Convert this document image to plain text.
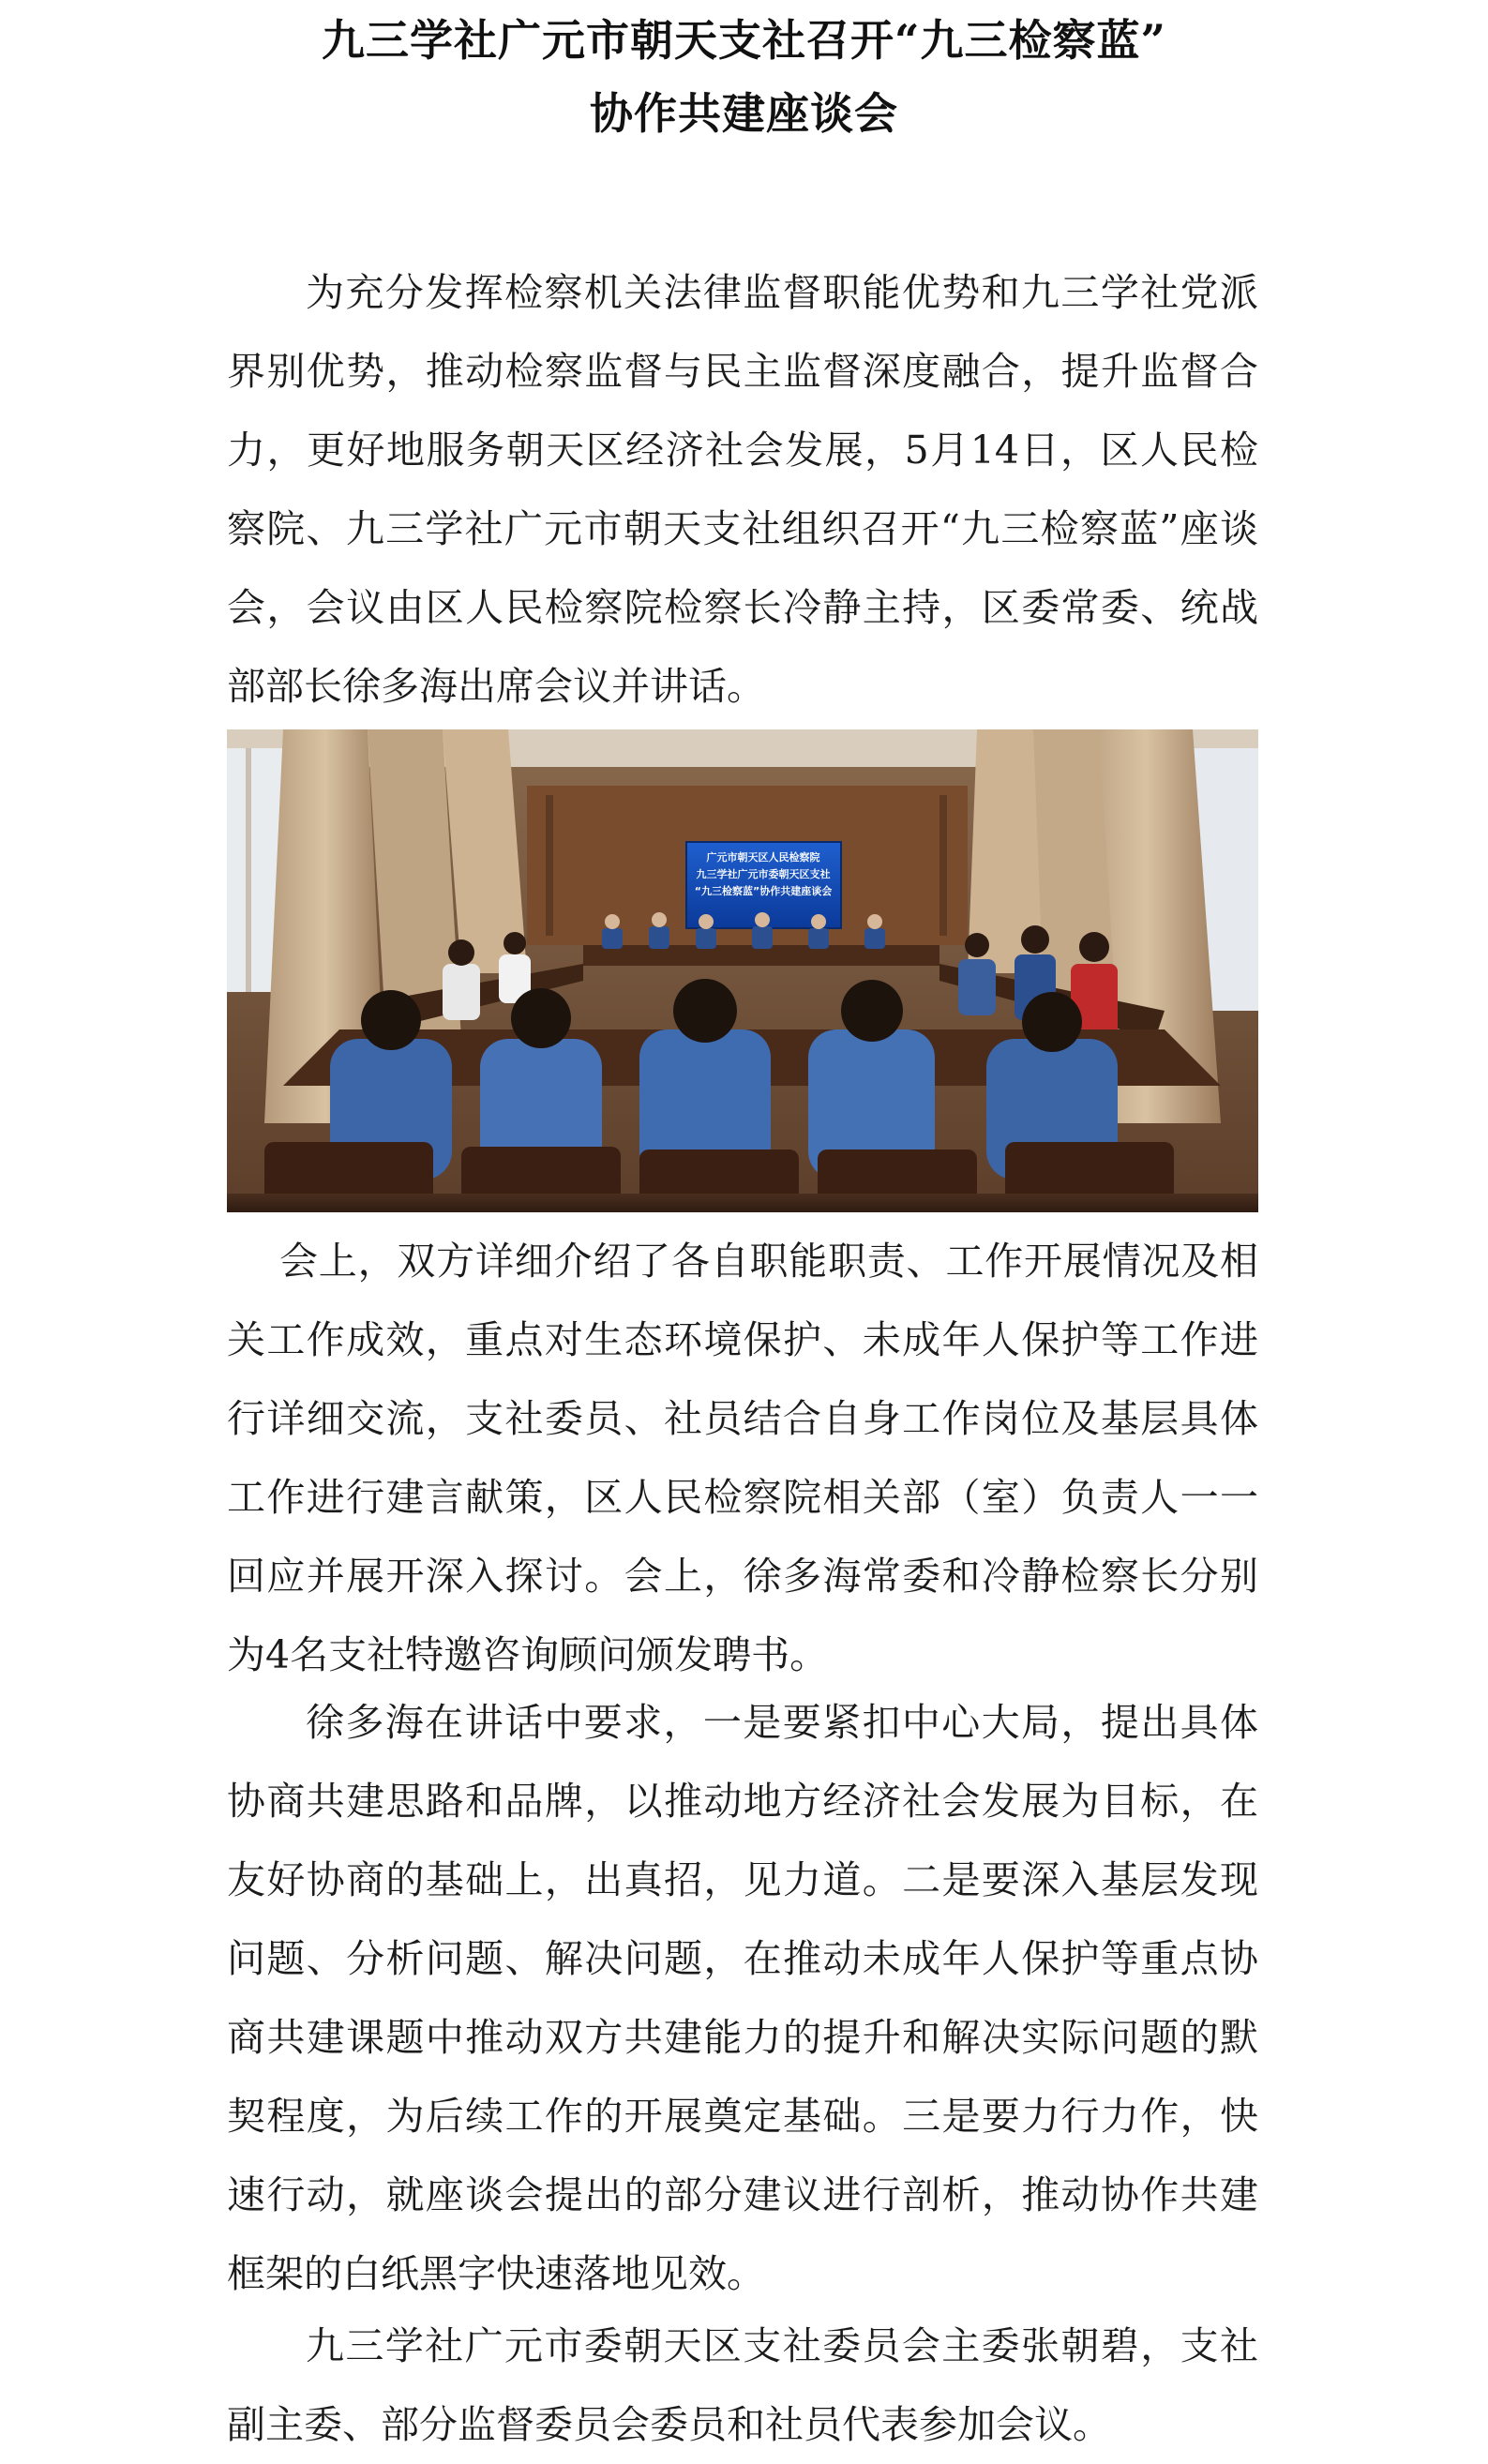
九三学社广元市朝天支社召开“九三检察蓝”
协作共建座谈会

为充分发挥检察机关法律监督职能优势和九三学社党派界别优势，推动检察监督与民主监督深度融合，提升监督合力，更好地服务朝天区经济社会发展，5月14日，区人民检察院、九三学社广元市朝天支社组织召开“九三检察蓝”座谈会，会议由区人民检察院检察长冷静主持，区委常委、统战部部长徐多海出席会议并讲话。

广元市朝天区人民检察院
九三学社广元市委朝天区支社
“九三检察蓝”协作共建座谈会

会上，双方详细介绍了各自职能职责、工作开展情况及相关工作成效，重点对生态环境保护、未成年人保护等工作进行详细交流，支社委员、社员结合自身工作岗位及基层具体工作进行建言献策，区人民检察院相关部（室）负责人一一回应并展开深入探讨。会上，徐多海常委和冷静检察长分别为4名支社特邀咨询顾问颁发聘书。

徐多海在讲话中要求，一是要紧扣中心大局，提出具体协商共建思路和品牌，以推动地方经济社会发展为目标，在友好协商的基础上，出真招，见力道。二是要深入基层发现问题、分析问题、解决问题，在推动未成年人保护等重点协商共建课题中推动双方共建能力的提升和解决实际问题的默契程度，为后续工作的开展奠定基础。三是要力行力作，快速行动，就座谈会提出的部分建议进行剖析，推动协作共建框架的白纸黑字快速落地见效。

九三学社广元市委朝天区支社委员会主委张朝碧，支社副主委、部分监督委员会委员和社员代表参加会议。
